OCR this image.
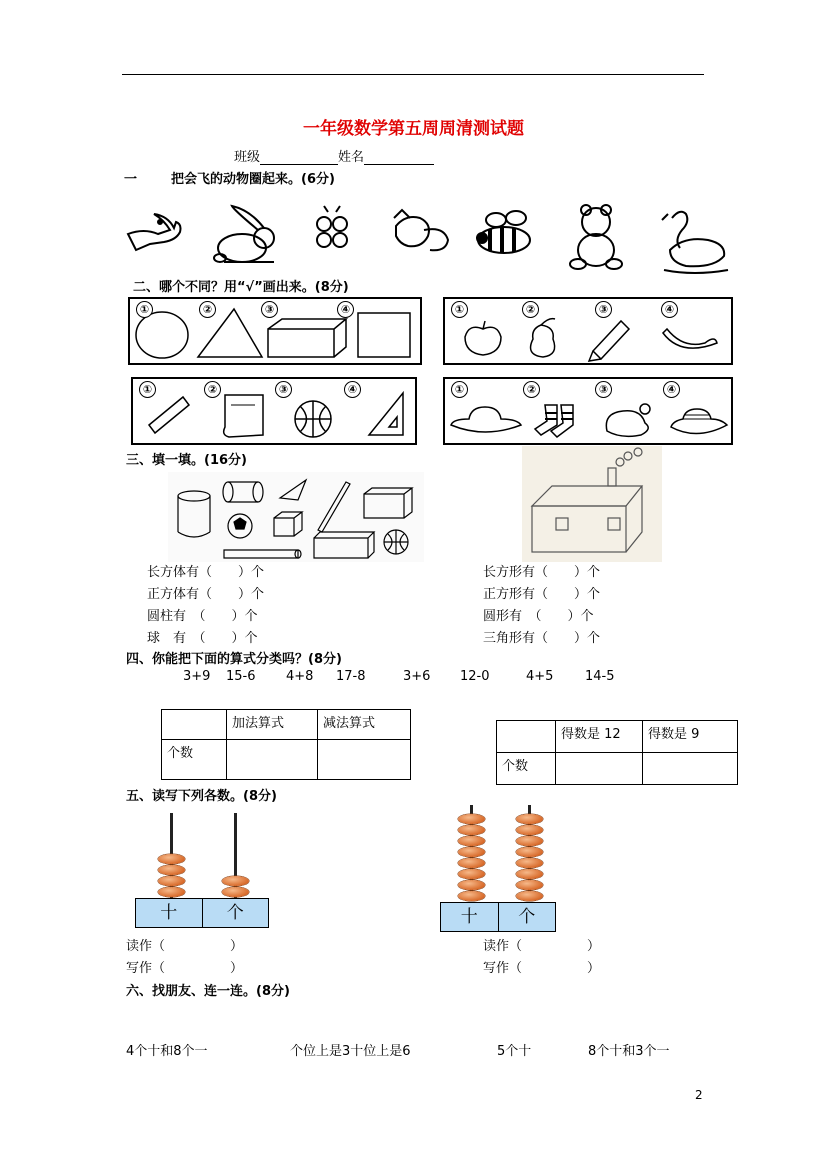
一年级数学第五周周清测试题
班级	姓名
一	把会飞的动物圈起来。(6分)
二、哪个不同？用“√”画出来。(8分)
①	②	③	④	①	②	③	④
①	②	③	④	①	②	③	④
三、填一填。(16分)
长方体有（　　）个
正方体有（　　）个
圆柱有　（　　）个
球　有　（　　）个
长方形有（　　）个
正方形有（　　）个
圆形有　（　　）个
三角形有（　　）个
四、你能把下面的算式分类吗？(8分)
3+9 15-6 4+8 17-8	3+6 12-0	4+5 14-5
	加法算式	减法算式
个数		
	得数是 12	得数是 9
个数		
五、读写下列各数。(8分)
十	个	十	个
读作（　　　　　）
写作（　　　　　）
读作（　　　　　）
写作（　　　　　）
六、找朋友、连一连。(8分)
4个十和8个一	个位上是3十位上是6	5个十	8个十和3个一
2
